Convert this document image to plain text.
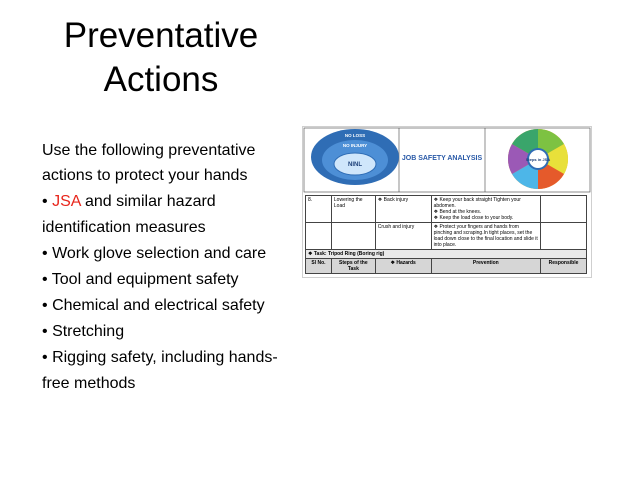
Preventative
Actions

Use the following preventative actions to protect your hands

• JSA and similar hazard identification measures

• Work glove selection and care

• Tool and equipment safety

• Chemical and electrical safety

• Stretching

• Rigging safety, including hands-free methods

NO LOSS
NO INJURY
NINL
JOB SAFETY ANALYSIS	Steps in JSA
8.	Lowering the Load	❖ Back injury	❖ Keep your back straight Tighten your abdomen.
❖ Bend at the knees.
❖ Keep the load close to your body.	

		Crush and injury	❖ Protect your fingers and hands from pinching and scraping.In tight places, set the load down close to the final location and slide it into place.	
❖ Task: Tripod Ring (Boring rig)				
Sl No.	Steps of the Task	❖ Hazards	Prevention	Responsible
